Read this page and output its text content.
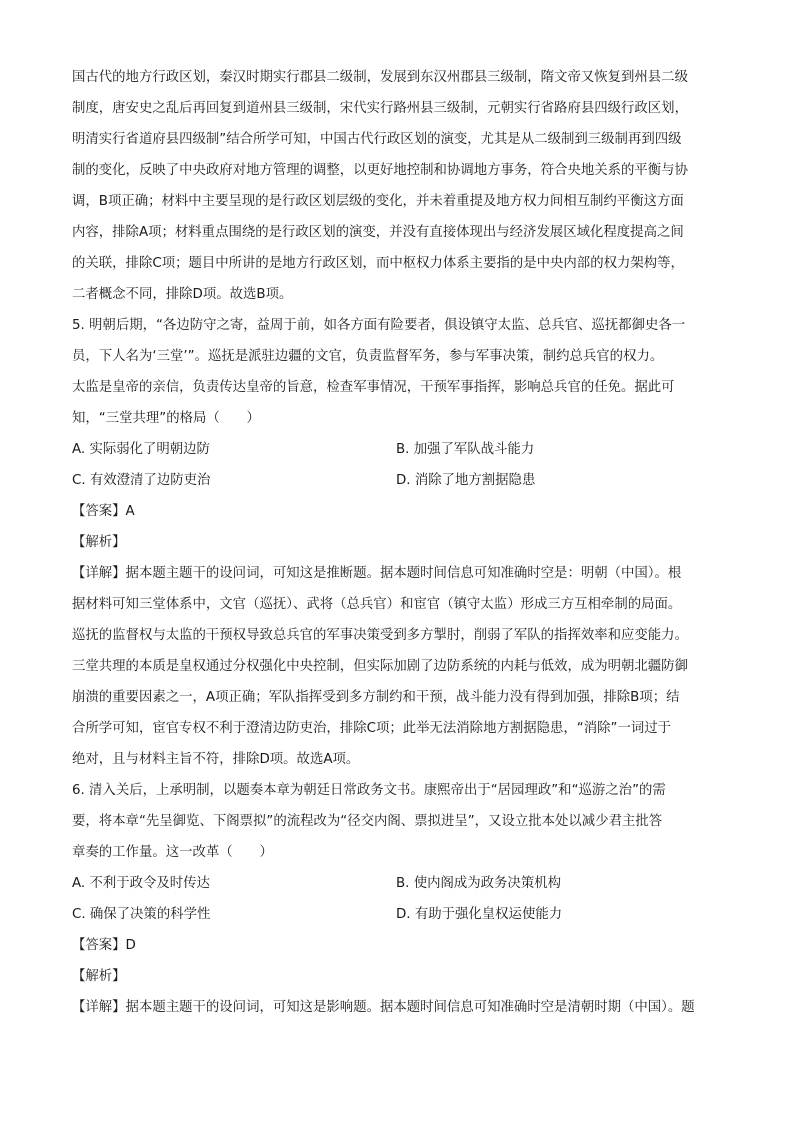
国古代的地方行政区划，秦汉时期实行郡县二级制，发展到东汉州郡县三级制，隋文帝又恢复到州县二级
制度，唐安史之乱后再回复到道州县三级制，宋代实行路州县三级制，元朝实行省路府县四级行政区划，
明清实行省道府县四级制”结合所学可知，中国古代行政区划的演变，尤其是从二级制到三级制再到四级
制的变化，反映了中央政府对地方管理的调整，以更好地控制和协调地方事务，符合央地关系的平衡与协
调，B项正确；材料中主要呈现的是行政区划层级的变化，并未着重提及地方权力间相互制约平衡这方面
内容，排除A项；材料重点围绕的是行政区划的演变，并没有直接体现出与经济发展区域化程度提高之间
的关联，排除C项；题目中所讲的是地方行政区划，而中枢权力体系主要指的是中央内部的权力架构等，
二者概念不同，排除D项。故选B项。
5. 明朝后期，“各边防守之寄，益周于前，如各方面有险要者，俱设镇守太监、总兵官、巡抚都御史各一
员，下人名为‘三堂’”。巡抚是派驻边疆的文官，负责监督军务，参与军事决策，制约总兵官的权力。
太监是皇帝的亲信，负责传达皇帝的旨意，检查军事情况，干预军事指挥，影响总兵官的任免。据此可
知，“三堂共理”的格局（　　）
A. 实际弱化了明朝边防	B. 加强了军队战斗能力
C. 有效澄清了边防吏治	D. 消除了地方割据隐患
【答案】A
【解析】
【详解】据本题主题干的设问词，可知这是推断题。据本题时间信息可知准确时空是：明朝（中国）。根
据材料可知三堂体系中，文官（巡抚）、武将（总兵官）和宦官（镇守太监）形成三方互相牵制的局面。
巡抚的监督权与太监的干预权导致总兵官的军事决策受到多方掣肘，削弱了军队的指挥效率和应变能力。
三堂共理的本质是皇权通过分权强化中央控制，但实际加剧了边防系统的内耗与低效，成为明朝北疆防御
崩溃的重要因素之一，A项正确；军队指挥受到多方制约和干预，战斗能力没有得到加强，排除B项；结
合所学可知，宦官专权不利于澄清边防吏治，排除C项；此举无法消除地方割据隐患，“消除”一词过于
绝对，且与材料主旨不符，排除D项。故选A项。
6. 清入关后，上承明制，以题奏本章为朝廷日常政务文书。康熙帝出于“居园理政”和“巡游之治”的需
要，将本章“先呈御览、下阁票拟”的流程改为“径交内阁、票拟进呈”，又设立批本处以减少君主批答
章奏的工作量。这一改革（　　）
A. 不利于政令及时传达	B. 使内阁成为政务决策机构
C. 确保了决策的科学性	D. 有助于强化皇权运使能力
【答案】D
【解析】
【详解】据本题主题干的设问词，可知这是影响题。据本题时间信息可知准确时空是清朝时期（中国）。题
